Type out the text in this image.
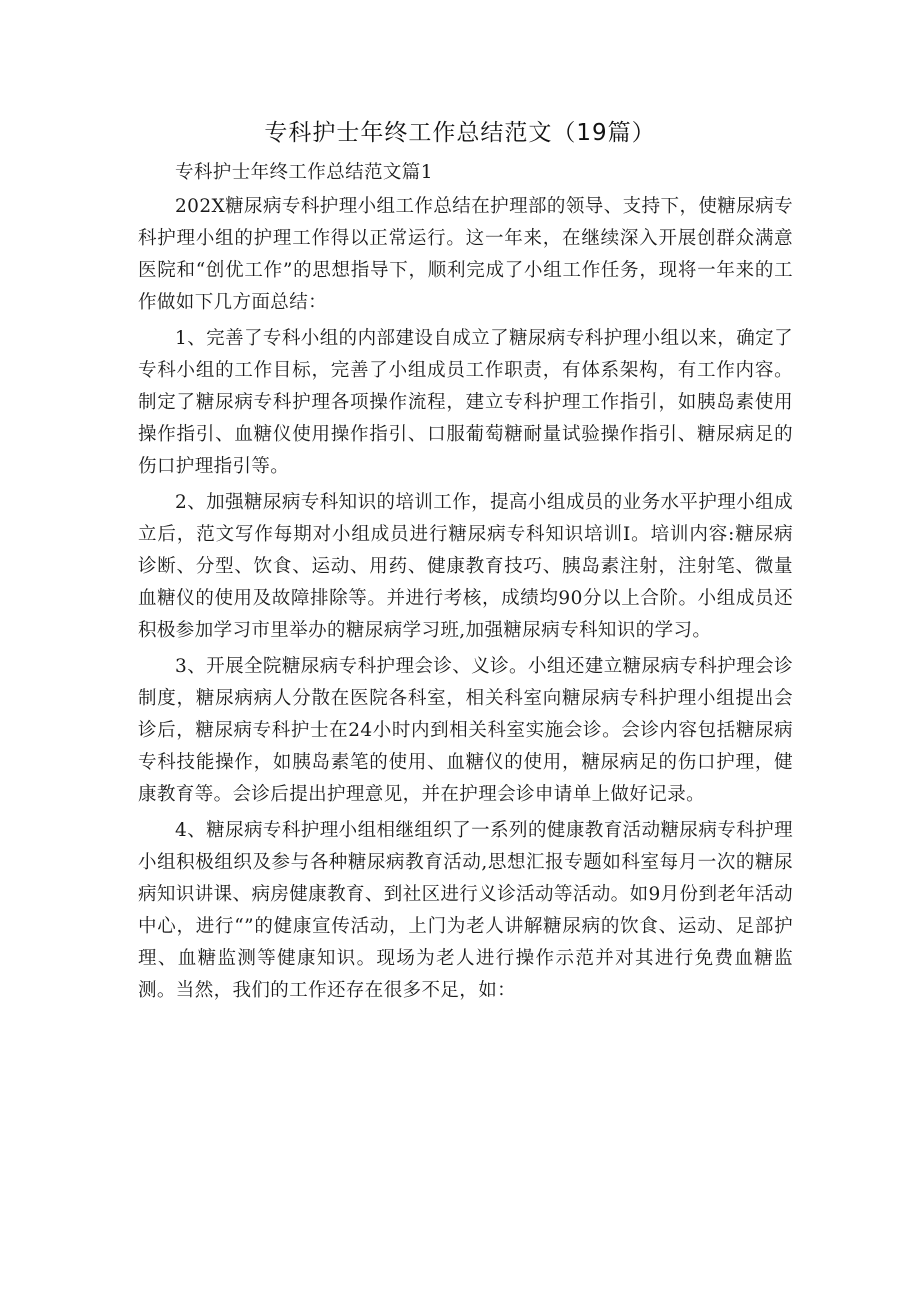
专科护士年终工作总结范文（19篇）

专科护士年终工作总结范文篇1

202X糖尿病专科护理小组工作总结在护理部的领导、支持下，使糖尿病专科护理小组的护理工作得以正常运行。这一年来，在继续深入开展创群众满意医院和“创优工作”的思想指导下，顺利完成了小组工作任务，现将一年来的工作做如下几方面总结：

1、完善了专科小组的内部建设自成立了糖尿病专科护理小组以来，确定了专科小组的工作目标，完善了小组成员工作职责，有体系架构，有工作内容。制定了糖尿病专科护理各项操作流程，建立专科护理工作指引，如胰岛素使用操作指引、血糖仪使用操作指引、口服葡萄糖耐量试验操作指引、糖尿病足的伤口护理指引等。

2、加强糖尿病专科知识的培训工作，提高小组成员的业务水平护理小组成立后，范文写作每期对小组成员进行糖尿病专科知识培训I。培训内容:糖尿病诊断、分型、饮食、运动、用药、健康教育技巧、胰岛素注射，注射笔、微量血糖仪的使用及故障排除等。并进行考核，成绩均90分以上合阶。小组成员还积极参加学习市里举办的糖尿病学习班,加强糖尿病专科知识的学习。

3、开展全院糖尿病专科护理会诊、义诊。小组还建立糖尿病专科护理会诊制度，糖尿病病人分散在医院各科室，相关科室向糖尿病专科护理小组提出会诊后，糖尿病专科护士在24小时内到相关科室实施会诊。会诊内容包括糖尿病专科技能操作，如胰岛素笔的使用、血糖仪的使用，糖尿病足的伤口护理，健康教育等。会诊后提出护理意见，并在护理会诊申请单上做好记录。

4、糖尿病专科护理小组相继组织了一系列的健康教育活动糖尿病专科护理小组积极组织及参与各种糖尿病教育活动,思想汇报专题如科室每月一次的糖尿病知识讲课、病房健康教育、到社区进行义诊活动等活动。如9月份到老年活动中心，进行“”的健康宣传活动，上门为老人讲解糖尿病的饮食、运动、足部护理、血糖监测等健康知识。现场为老人进行操作示范并对其进行免费血糖监测。当然，我们的工作还存在很多不足，如：
